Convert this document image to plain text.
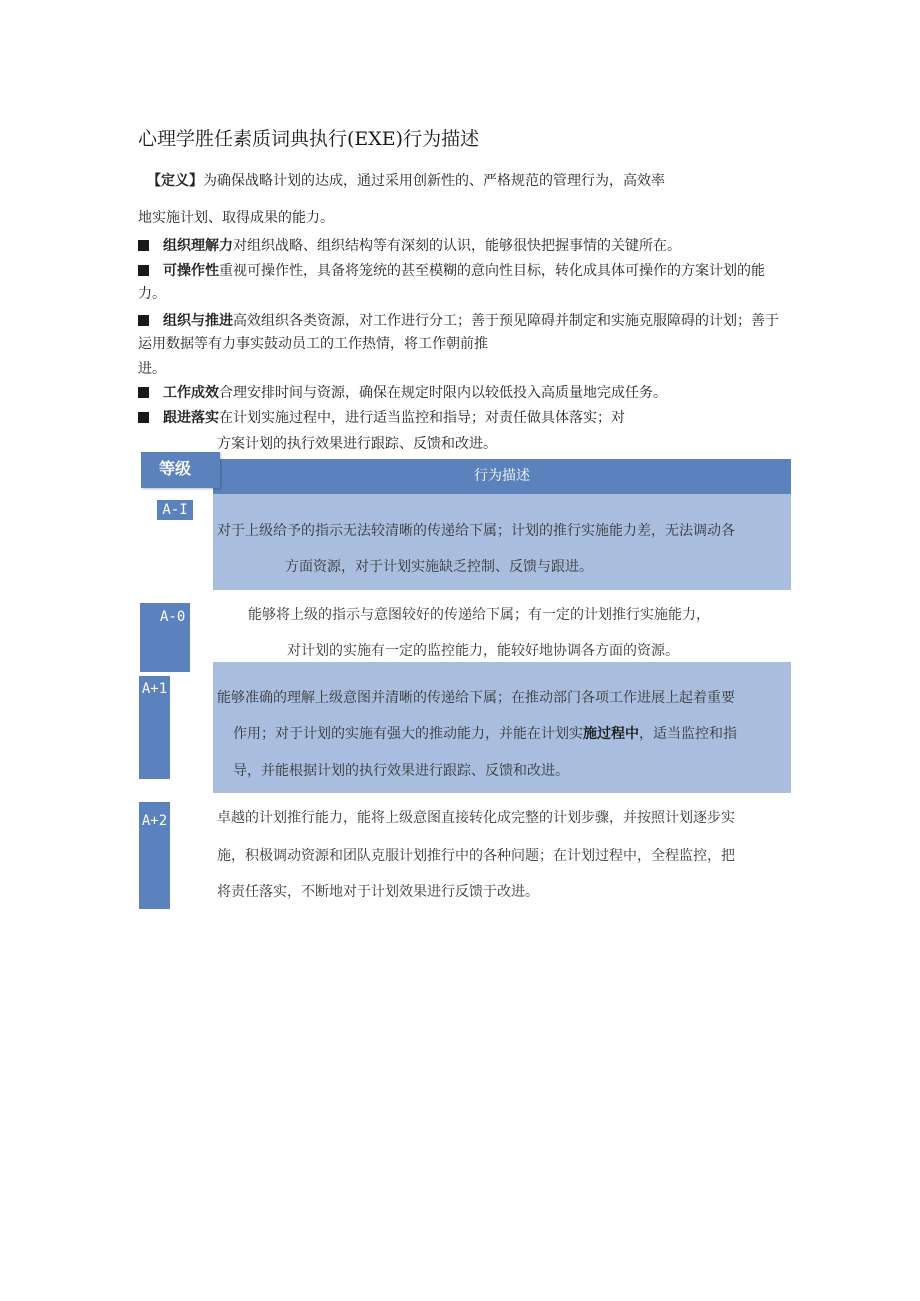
心理学胜任素质词典执行(EXE)行为描述
【定义】为确保战略计划的达成，通过采用创新性的、严格规范的管理行为，高效率
地实施计划、取得成果的能力。
组织理解力对组织战略、组织结构等有深刻的认识，能够很快把握事情的关键所在。
可操作性重视可操作性，具备将笼统的甚至模糊的意向性目标，转化成具体可操作的方案计划的能力。
组织与推进高效组织各类资源，对工作进行分工；善于预见障碍并制定和实施克服障碍的计划；善于运用数据等有力事实鼓动员工的工作热情，将工作朝前推
进。
工作成效合理安排时间与资源，确保在规定时限内以较低投入高质量地完成任务。
跟进落实在计划实施过程中，进行适当监控和指导；对责任做具体落实；对
方案计划的执行效果进行跟踪、反馈和改进。
行为描述
等级
A-I
对于上级给予的指示无法较清晰的传递给下属；计划的推行实施能力差，无法调动各
方面资源，对于计划实施缺乏控制、反馈与跟进。
A-0	能够将上级的指示与意图较好的传递给下属；有一定的计划推行实施能力，
对计划的实施有一定的监控能力，能较好地协调各方面的资源。
A+1
能够准确的理解上级意图并清晰的传递给下属；在推动部门各项工作进展上起着重要
作用；对于计划的实施有强大的推动能力，并能在计划实施过程中，适当监控和指
导，并能根据计划的执行效果进行跟踪、反馈和改进。
A+2	卓越的计划推行能力，能将上级意图直接转化成完整的计划步骤，并按照计划逐步实
施，积极调动资源和团队克服计划推行中的各种问题；在计划过程中，全程监控，把
将责任落实，不断地对于计划效果进行反馈于改进。
